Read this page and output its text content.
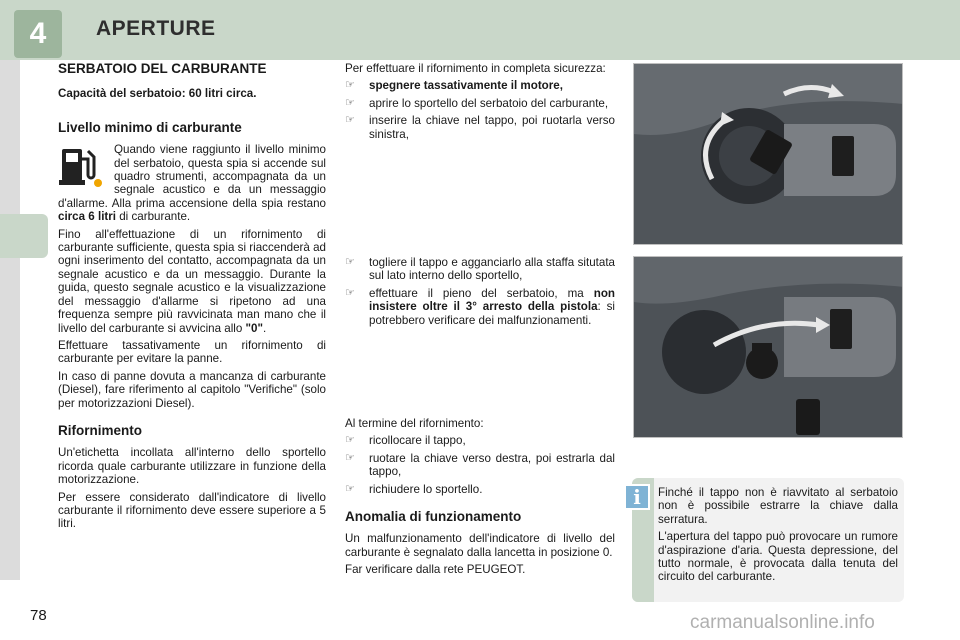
4	APERTURE
SERBATOIO DEL CARBURANTE
Capacità del serbatoio: 60 litri circa.
Livello minimo di carburante

Quando viene raggiunto il livello minimo del serbatoio, questa spia si accende sul quadro strumenti, accompagnata da un segnale acustico e da un messaggio d'allarme. Alla prima accensione della spia restano circa 6 litri di carburante.

Fino all'effettuazione di un rifornimento di carburante sufficiente, questa spia si riaccenderà ad ogni inserimento del contatto, accompagnata da un segnale acustico e da un messaggio. Durante la guida, questo segnale acustico e la visualizzazione del messaggio d'allarme si ripetono ad una frequenza sempre più ravvicinata man mano che il livello del carburante si avvicina allo "0".

Effettuare tassativamente un rifornimento di carburante per evitare la panne.

In caso di panne dovuta a mancanza di carburante (Diesel), fare riferimento al capitolo "Verifiche" (solo per motorizzazioni Diesel).

Rifornimento

Un'etichetta incollata all'interno dello sportello ricorda quale carburante utilizzare in funzione della motorizzazione.

Per essere considerato dall'indicatore di livello carburante il rifornimento deve essere superiore a 5 litri.

Per effettuare il rifornimento in completa sicurezza:

☞ spegnere tassativamente il motore,
☞ aprire lo sportello del serbatoio del carburante,
☞ inserire la chiave nel tappo, poi ruotarla verso sinistra,
☞ togliere il tappo e agganciarlo alla staffa situtata sul lato interno dello sportello,
☞ effettuare il pieno del serbatoio, ma non insistere oltre il 3° arresto della pistola: si potrebbero verificare dei malfunzionamenti.

Al termine del rifornimento:

☞ ricollocare il tappo,
☞ ruotare la chiave verso destra, poi estrarla dal tappo,
☞ richiudere lo sportello.
Anomalia di funzionamento

Un malfunzionamento dell'indicatore di livello del carburante è segnalato dalla lancetta in posizione 0.

Far verificare dalla rete PEUGEOT.

i	Finché il tappo non è riavvitato al serbatoio non è possibile estrarre la chiave dalla serratura.

L'apertura del tappo può provocare un rumore d'aspirazione d'aria. Questa depressione, del tutto normale, è provocata dalla tenuta del circuito del carburante.

78	carmanualsonline.info
